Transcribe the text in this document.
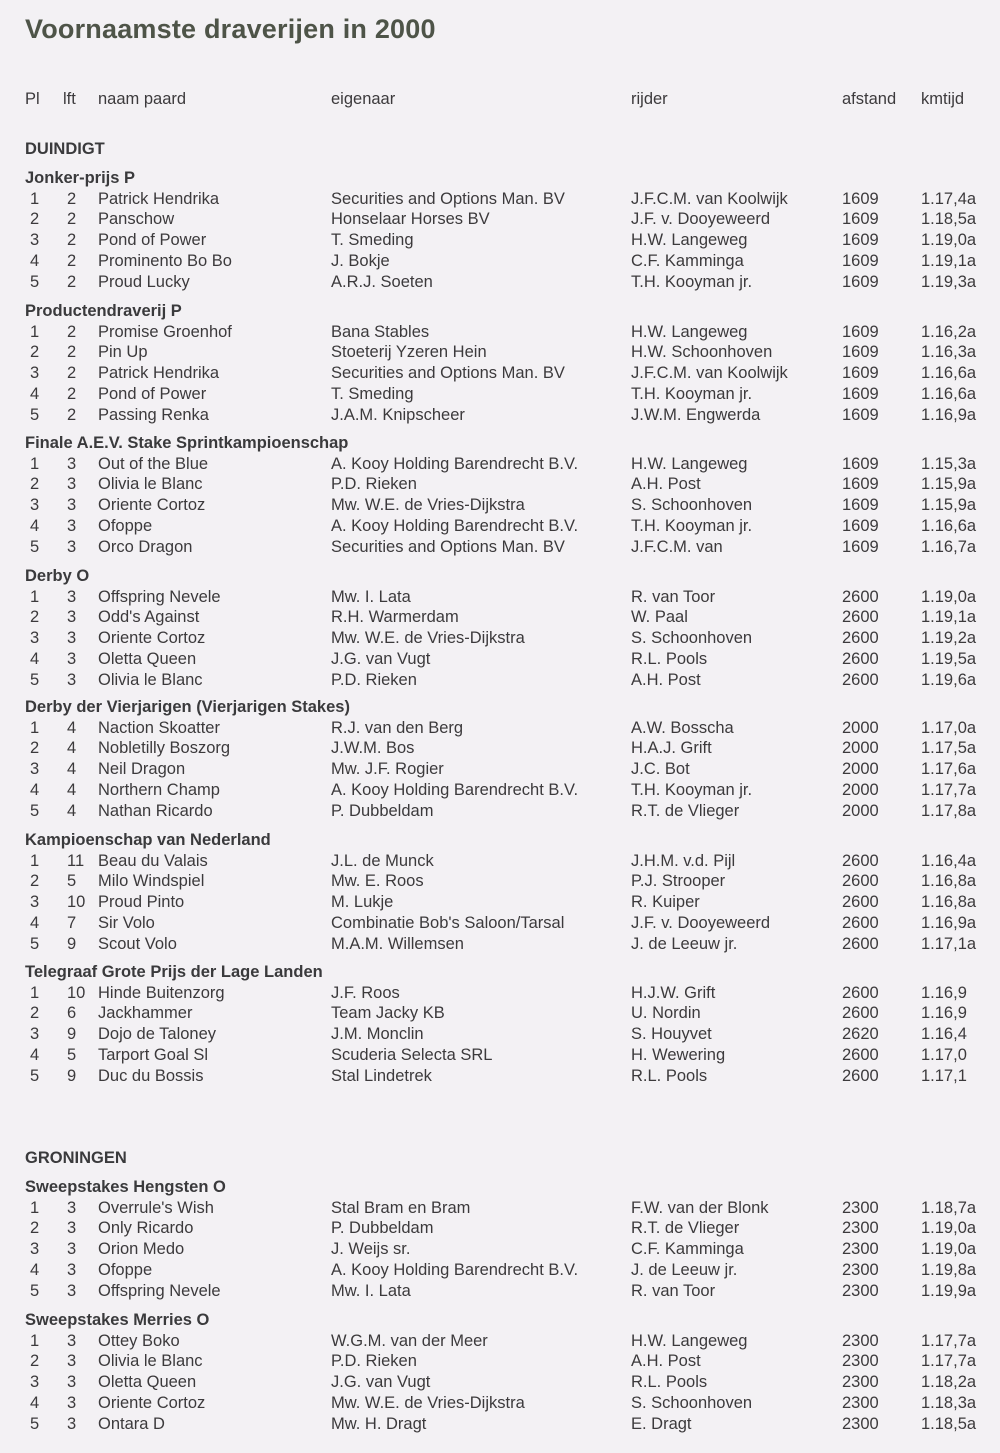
Voornaamste draverijen in 2000
Pl lft naam paard	eigenaar	rijder	afstand kmtijd
DUINDIGT
Jonker-prijs P
1 2 Patrick Hendrika	Securities and Options Man. BV	J.F.C.M. van Koolwijk	1609	1.17,4a
2 2 Panschow	Honselaar Horses BV	J.F. v. Dooyeweerd	1609	1.18,5a
3 2 Pond of Power	T. Smeding	H.W. Langeweg	1609	1.19,0a
4 2 Prominento Bo Bo	J. Bokje	C.F. Kamminga	1609	1.19,1a
5 2 Proud Lucky	A.R.J. Soeten	T.H. Kooyman jr.	1609	1.19,3a
Productendraverij P
1 2 Promise Groenhof	Bana Stables	H.W. Langeweg	1609	1.16,2a
2 2 Pin Up	Stoeterij Yzeren Hein	H.W. Schoonhoven	1609	1.16,3a
3 2 Patrick Hendrika	Securities and Options Man. BV	J.F.C.M. van Koolwijk	1609	1.16,6a
4 2 Pond of Power	T. Smeding	T.H. Kooyman jr.	1609	1.16,6a
5 2 Passing Renka	J.A.M. Knipscheer	J.W.M. Engwerda	1609	1.16,9a
Finale A.E.V. Stake Sprintkampioenschap
1 3 Out of the Blue	A. Kooy Holding Barendrecht B.V.	H.W. Langeweg	1609	1.15,3a
2 3 Olivia le Blanc	P.D. Rieken	A.H. Post	1609	1.15,9a
3 3 Oriente Cortoz	Mw. W.E. de Vries-Dijkstra	S. Schoonhoven	1609	1.15,9a
4 3 Ofoppe	A. Kooy Holding Barendrecht B.V.	T.H. Kooyman jr.	1609	1.16,6a
5 3 Orco Dragon	Securities and Options Man. BV	J.F.C.M. van	1609	1.16,7a
Derby O
1 3 Offspring Nevele	Mw. I. Lata	R. van Toor	2600	1.19,0a
2 3 Odd's Against	R.H. Warmerdam	W. Paal	2600	1.19,1a
3 3 Oriente Cortoz	Mw. W.E. de Vries-Dijkstra	S. Schoonhoven	2600	1.19,2a
4 3 Oletta Queen	J.G. van Vugt	R.L. Pools	2600	1.19,5a
5 3 Olivia le Blanc	P.D. Rieken	A.H. Post	2600	1.19,6a
Derby der Vierjarigen (Vierjarigen Stakes)
1 4 Naction Skoatter	R.J. van den Berg	A.W. Bosscha	2000	1.17,0a
2 4 Nobletilly Boszorg	J.W.M. Bos	H.A.J. Grift	2000	1.17,5a
3 4 Neil Dragon	Mw. J.F. Rogier	J.C. Bot	2000	1.17,6a
4 4 Northern Champ	A. Kooy Holding Barendrecht B.V.	T.H. Kooyman jr.	2000	1.17,7a
5 4 Nathan Ricardo	P. Dubbeldam	R.T. de Vlieger	2000	1.17,8a
Kampioenschap van Nederland
1 11 Beau du Valais	J.L. de Munck	J.H.M. v.d. Pijl	2600	1.16,4a
2 5 Milo Windspiel	Mw. E. Roos	P.J. Strooper	2600	1.16,8a
3 10 Proud Pinto	M. Lukje	R. Kuiper	2600	1.16,8a
4 7 Sir Volo	Combinatie Bob's Saloon/Tarsal	J.F. v. Dooyeweerd	2600	1.16,9a
5 9 Scout Volo	M.A.M. Willemsen	J. de Leeuw jr.	2600	1.17,1a
Telegraaf Grote Prijs der Lage Landen
1 10 Hinde Buitenzorg	J.F. Roos	H.J.W. Grift	2600	1.16,9
2 6 Jackhammer	Team Jacky KB	U. Nordin	2600	1.16,9
3 9 Dojo de Taloney	J.M. Monclin	S. Houyvet	2620	1.16,4
4 5 Tarport Goal Sl	Scuderia Selecta SRL	H. Wewering	2600	1.17,0
5 9 Duc du Bossis	Stal Lindetrek	R.L. Pools	2600	1.17,1
GRONINGEN
Sweepstakes Hengsten O
1 3 Overrule's Wish	Stal Bram en Bram	F.W. van der Blonk	2300	1.18,7a
2 3 Only Ricardo	P. Dubbeldam	R.T. de Vlieger	2300	1.19,0a
3 3 Orion Medo	J. Weijs sr.	C.F. Kamminga	2300	1.19,0a
4 3 Ofoppe	A. Kooy Holding Barendrecht B.V.	J. de Leeuw jr.	2300	1.19,8a
5 3 Offspring Nevele	Mw. I. Lata	R. van Toor	2300	1.19,9a
Sweepstakes Merries O
1 3 Ottey Boko	W.G.M. van der Meer	H.W. Langeweg	2300	1.17,7a
2 3 Olivia le Blanc	P.D. Rieken	A.H. Post	2300	1.17,7a
3 3 Oletta Queen	J.G. van Vugt	R.L. Pools	2300	1.18,2a
4 3 Oriente Cortoz	Mw. W.E. de Vries-Dijkstra	S. Schoonhoven	2300	1.18,3a
5 3 Ontara D	Mw. H. Dragt	E. Dragt	2300	1.18,5a
